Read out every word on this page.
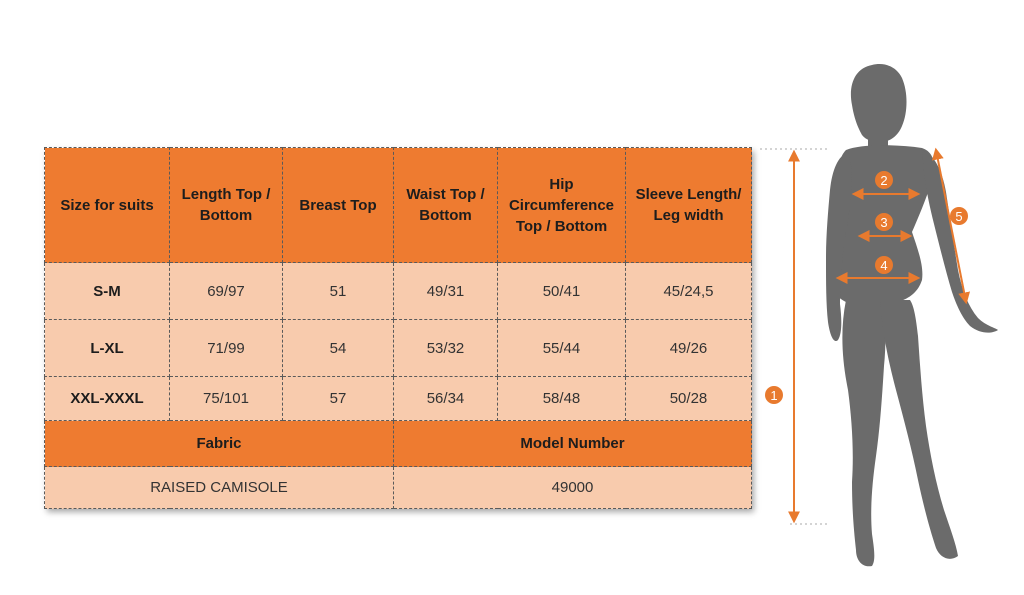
Size for suits	Length Top / Bottom	Breast Top	Waist Top / Bottom	Hip Circumference Top / Bottom	Sleeve Length/ Leg width
S-M	69/97	51	49/31	50/41	45/24,5
L-XL	71/99	54	53/32	55/44	49/26
XXL-XXXL	75/101	57	56/34	58/48	50/28
Fabric			Model Number		
RAISED CAMISOLE			49000		
1
2
3
4
5
